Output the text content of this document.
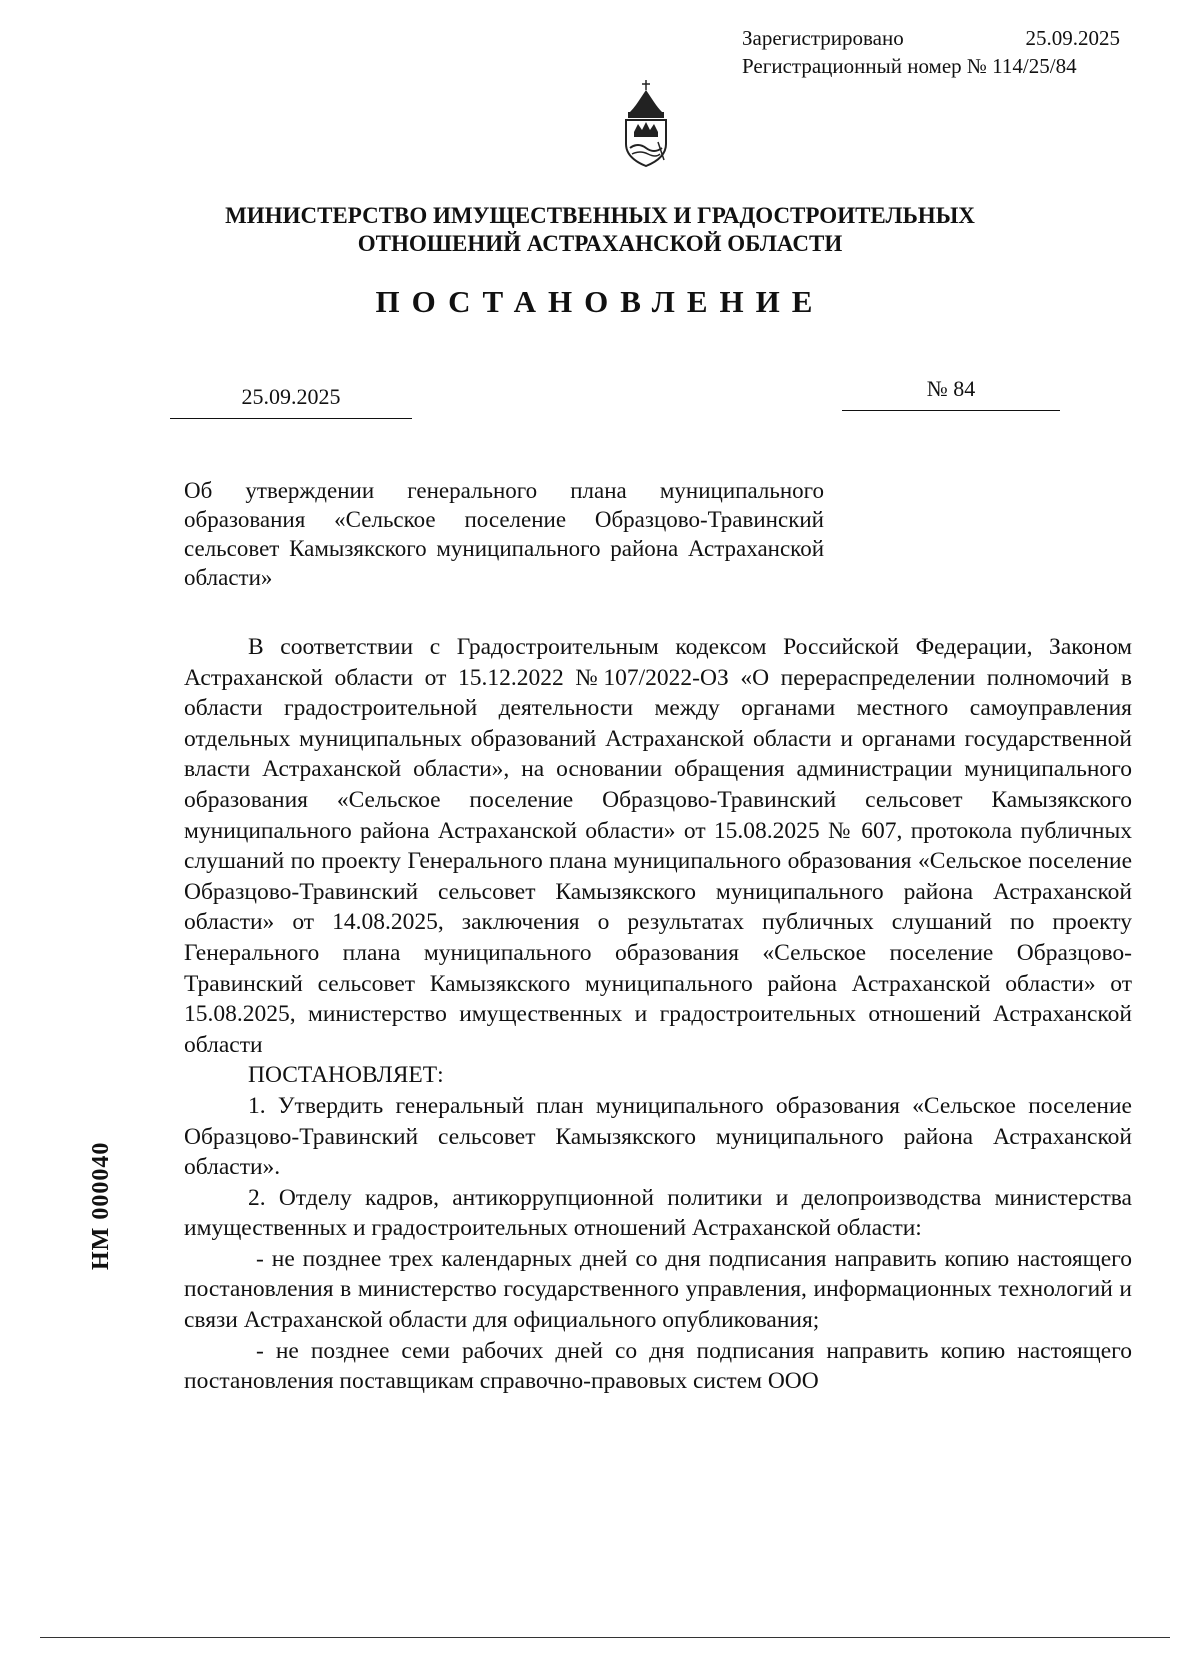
Зарегистрировано	25.09.2025
Регистрационный номер № 114/25/84
МИНИСТЕРСТВО ИМУЩЕСТВЕННЫХ И ГРАДОСТРОИТЕЛЬНЫХ
ОТНОШЕНИЙ АСТРАХАНСКОЙ ОБЛАСТИ
ПОСТАНОВЛЕНИЕ
25.09.2025	№ 84
Об утверждении генерального плана муниципального образования «Сельское поселение Образцово-Травинский сельсовет Камызякского муниципального района Астраханской области»

В соответствии с Градостроительным кодексом Российской Федерации, Законом Астраханской области от 15.12.2022 №107/2022-ОЗ «О перераспределении полномочий в области градостроительной деятельности между органами местного самоуправления отдельных муниципальных образований Астраханской области и органами государственной власти Астраханской области», на основании обращения администрации муниципального образования «Сельское поселение Образцово-Травинский сельсовет Камызякского муниципального района Астраханской области» от 15.08.2025 № 607, протокола публичных слушаний по проекту Генерального плана муниципального образования «Сельское поселение Образцово-Травинский сельсовет Камызякского муниципального района Астраханской области» от 14.08.2025, заключения о результатах публичных слушаний по проекту Генерального плана муниципального образования «Сельское поселение Образцово-Травинский сельсовет Камызякского муниципального района Астраханской области» от 15.08.2025, министерство имущественных и градостроительных отношений Астраханской области

ПОСТАНОВЛЯЕТ:

1. Утвердить генеральный план муниципального образования «Сельское поселение Образцово-Травинский сельсовет Камызякского муниципального района Астраханской области».

2. Отделу кадров, антикоррупционной политики и делопроизводства министерства имущественных и градостроительных отношений Астраханской области:

- не позднее трех календарных дней со дня подписания направить копию настоящего постановления в министерство государственного управления, информационных технологий и связи Астраханской области для официального опубликования;

- не позднее семи рабочих дней со дня подписания направить копию настоящего постановления поставщикам справочно-правовых систем ООО

НМ 000040
